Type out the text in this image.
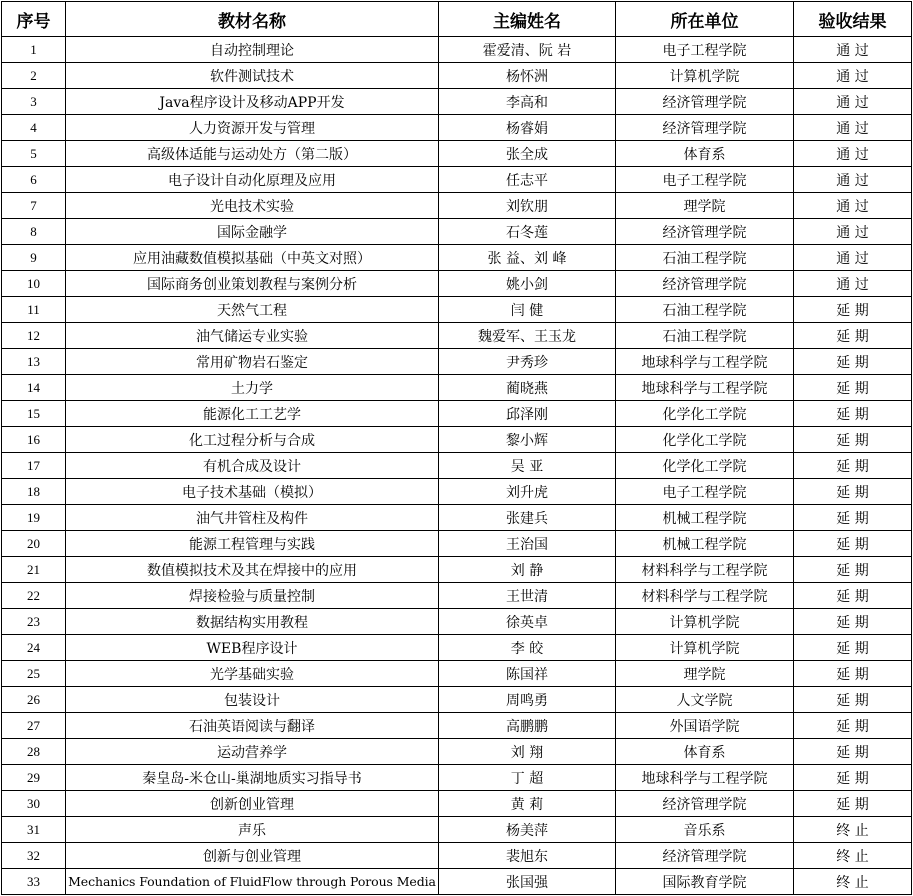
序号	教材名称	主编姓名	所在单位	验收结果
1	自动控制理论	霍爱清、阮 岩	电子工程学院	通 过
2	软件测试技术	杨怀洲	计算机学院	通 过
3	Java程序设计及移动APP开发	李高和	经济管理学院	通 过
4	人力资源开发与管理	杨睿娟	经济管理学院	通 过
5	高级体适能与运动处方（第二版）	张全成	体育系	通 过
6	电子设计自动化原理及应用	任志平	电子工程学院	通 过
7	光电技术实验	刘钦朋	理学院	通 过
8	国际金融学	石冬莲	经济管理学院	通 过
9	应用油藏数值模拟基础（中英文对照）	张 益、刘 峰	石油工程学院	通 过
10	国际商务创业策划教程与案例分析	姚小剑	经济管理学院	通 过
11	天然气工程	闫 健	石油工程学院	延 期
12	油气储运专业实验	魏爱军、王玉龙	石油工程学院	延 期
13	常用矿物岩石鉴定	尹秀珍	地球科学与工程学院	延 期
14	土力学	蔺晓燕	地球科学与工程学院	延 期
15	能源化工工艺学	邱泽刚	化学化工学院	延 期
16	化工过程分析与合成	黎小辉	化学化工学院	延 期
17	有机合成及设计	吴 亚	化学化工学院	延 期
18	电子技术基础（模拟）	刘升虎	电子工程学院	延 期
19	油气井管柱及构件	张建兵	机械工程学院	延 期
20	能源工程管理与实践	王治国	机械工程学院	延 期
21	数值模拟技术及其在焊接中的应用	刘 静	材料科学与工程学院	延 期
22	焊接检验与质量控制	王世清	材料科学与工程学院	延 期
23	数据结构实用教程	徐英卓	计算机学院	延 期
24	WEB程序设计	李 皎	计算机学院	延 期
25	光学基础实验	陈国祥	理学院	延 期
26	包装设计	周鸣勇	人文学院	延 期
27	石油英语阅读与翻译	高鹏鹏	外国语学院	延 期
28	运动营养学	刘 翔	体育系	延 期
29	秦皇岛-米仓山-巢湖地质实习指导书	丁 超	地球科学与工程学院	延 期
30	创新创业管理	黄 莉	经济管理学院	延 期
31	声乐	杨美萍	音乐系	终 止
32	创新与创业管理	裴旭东	经济管理学院	终 止
33	Mechanics Foundation of FluidFlow through Porous Media	张国强	国际教育学院	终 止
